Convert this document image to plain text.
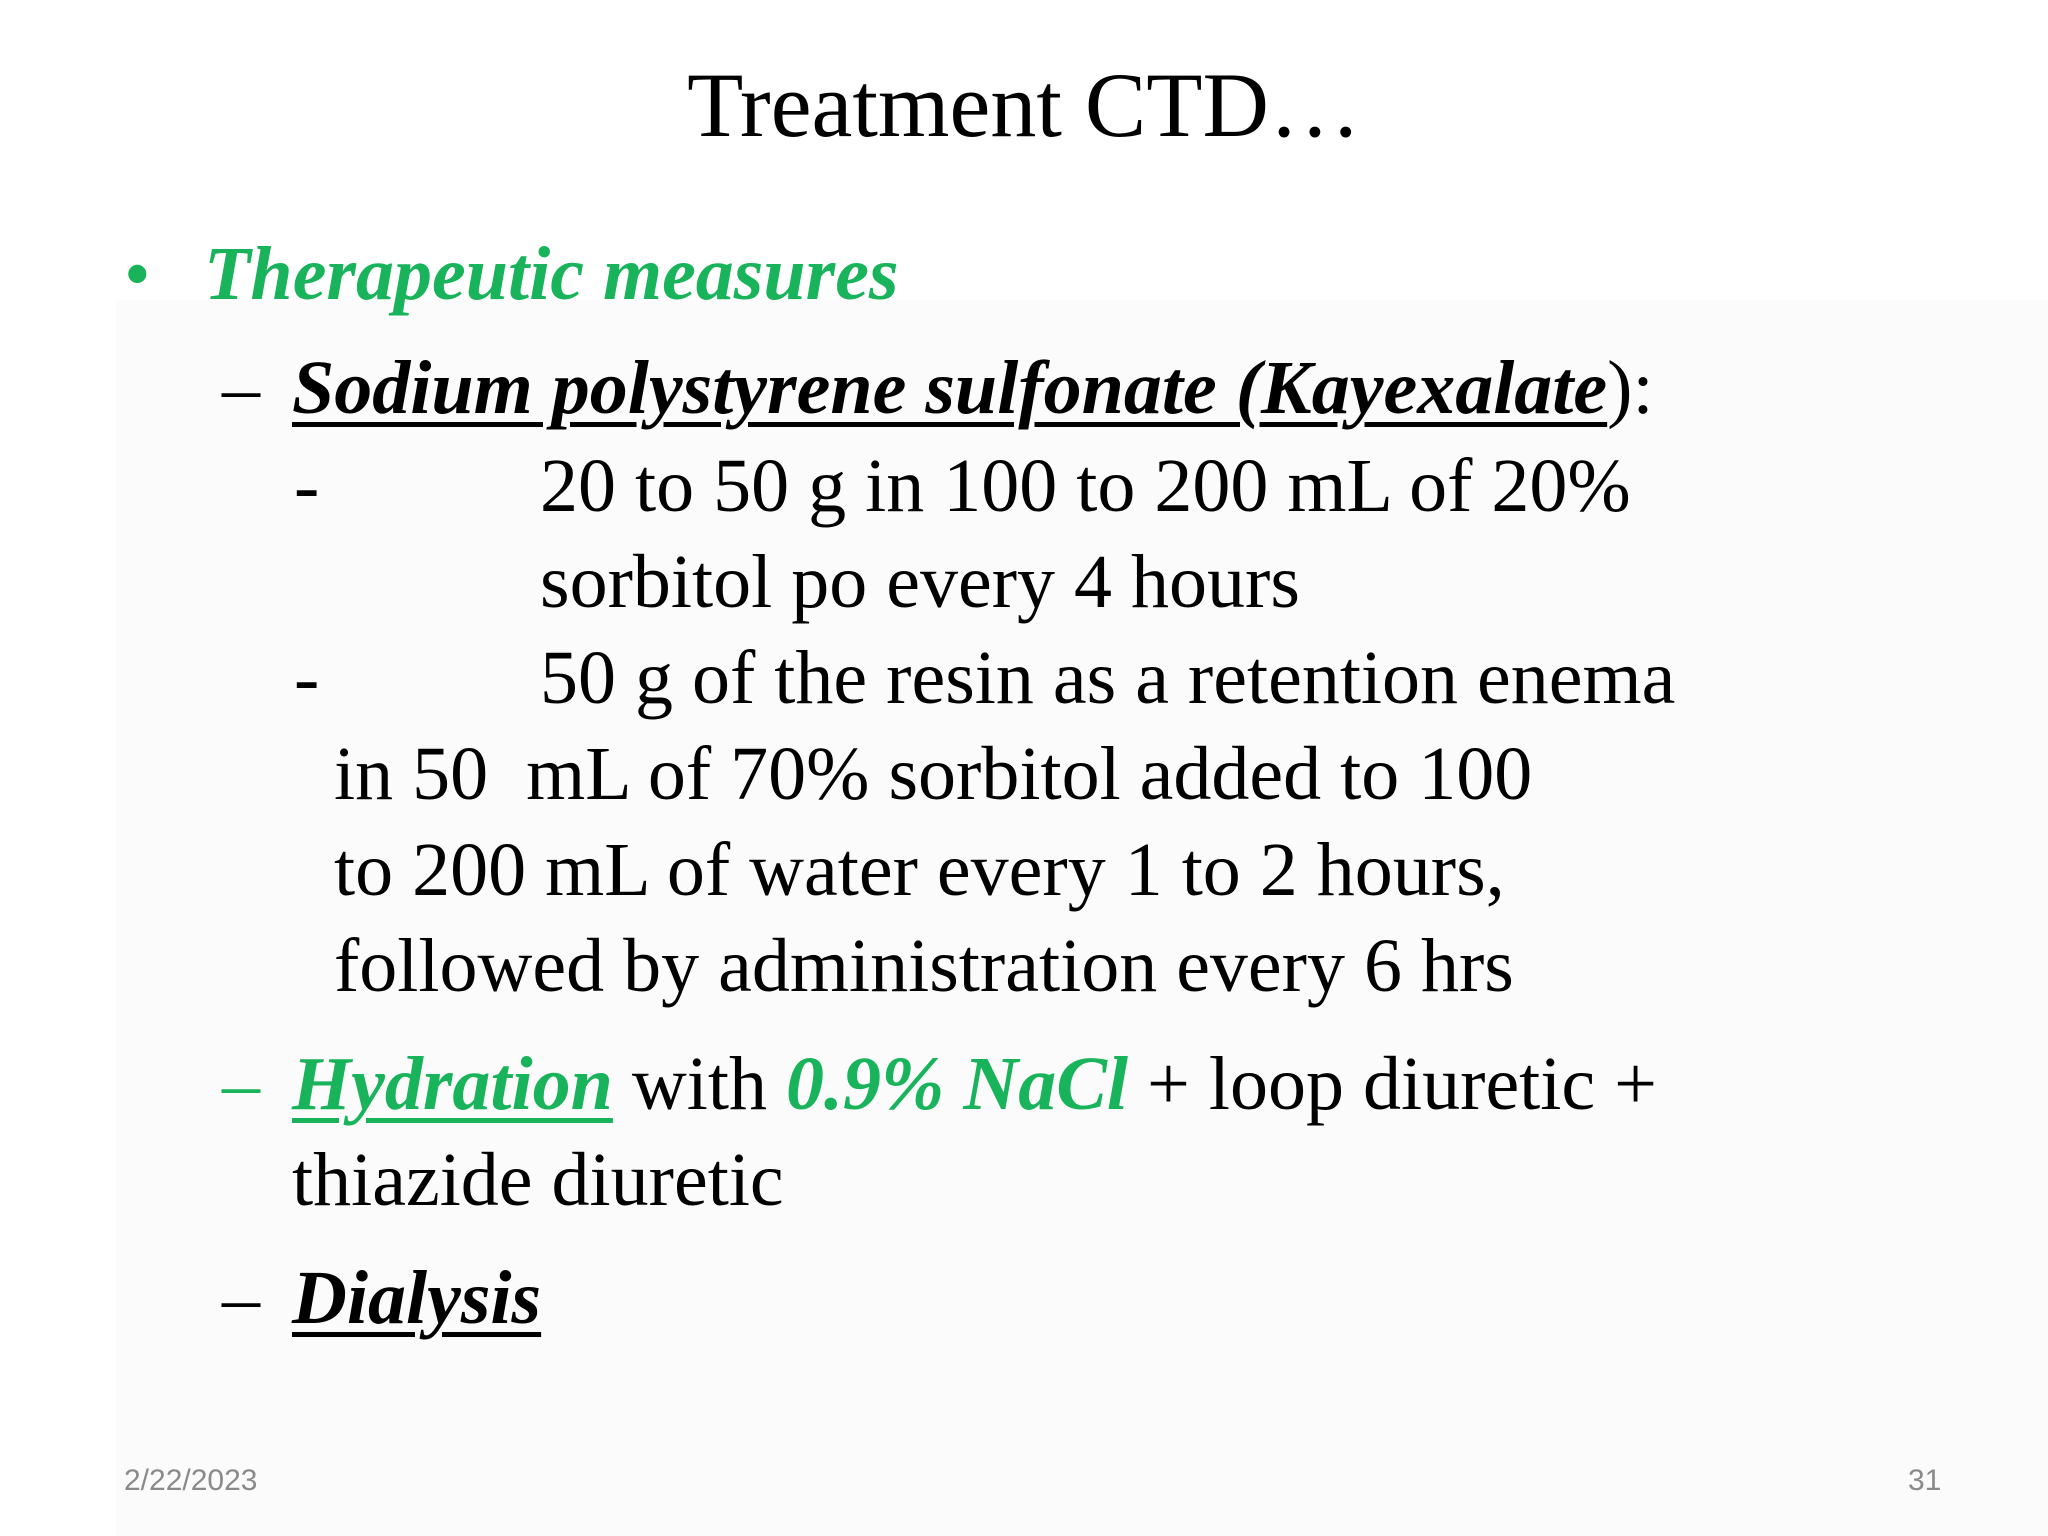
Treatment CTD…
• Therapeutic measures
– Sodium polystyrene sulfonate (Kayexalate):
-	20 to 50 g in 100 to 200 mL of 20%
sorbitol po every 4 hours
-	50 g of the resin as a retention enema
in 50  mL of 70% sorbitol added to 100
to 200 mL of water every 1 to 2 hours,
followed by administration every 6 hrs
– Hydration with 0.9% NaCl + loop diuretic +
thiazide diuretic
– Dialysis
2/22/2023	31
